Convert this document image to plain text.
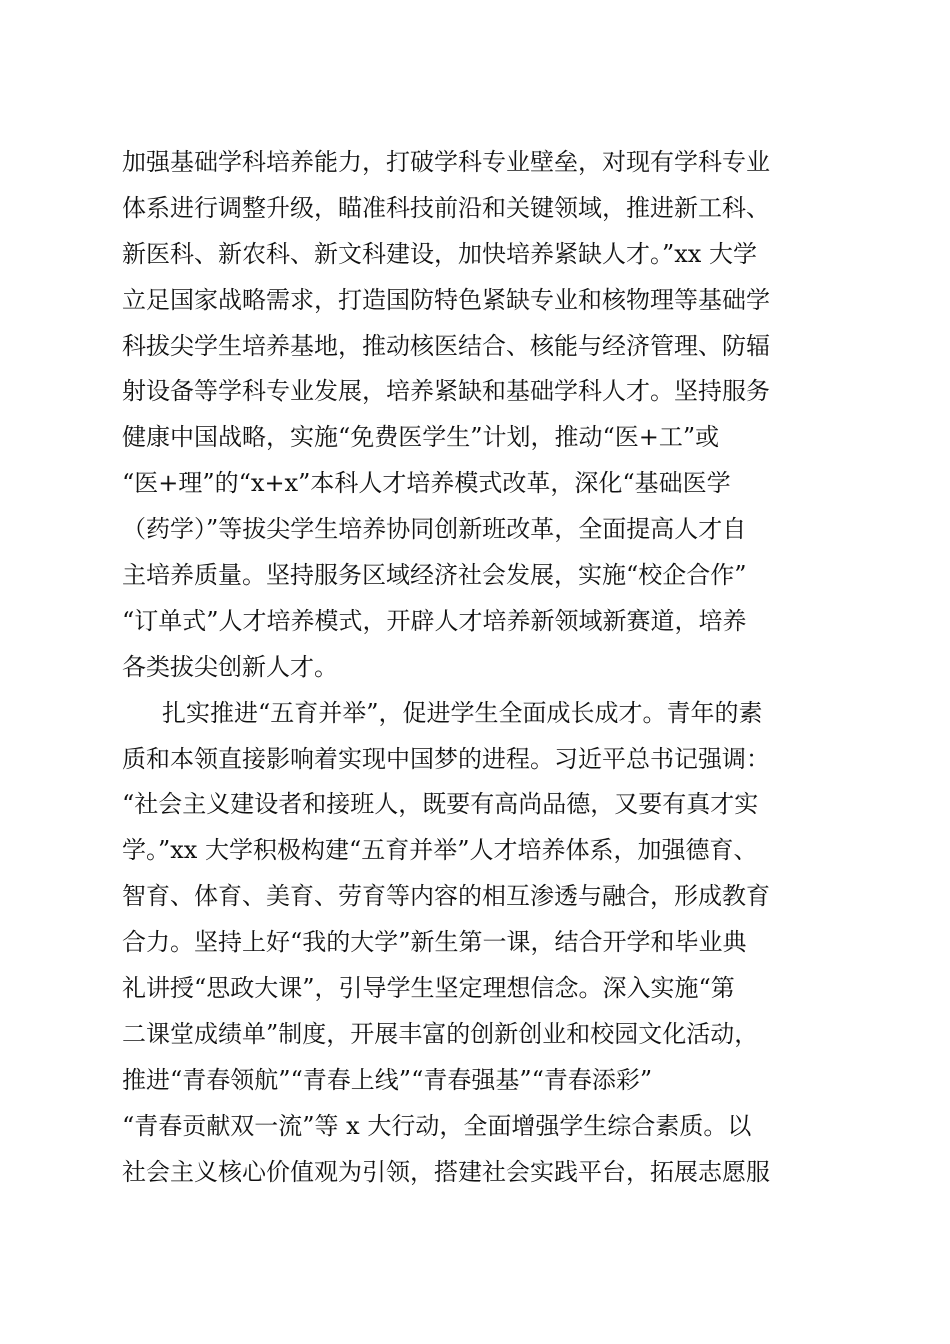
加强基础学科培养能力，打破学科专业壁垒，对现有学科专业
体系进行调整升级，瞄准科技前沿和关键领域，推进新工科、
新医科、新农科、新文科建设，加快培养紧缺人才。”xx 大学
立足国家战略需求，打造国防特色紧缺专业和核物理等基础学
科拔尖学生培养基地，推动核医结合、核能与经济管理、防辐
射设备等学科专业发展，培养紧缺和基础学科人才。坚持服务
健康中国战略，实施“免费医学生”计划，推动“医+工”或
“医+理”的“x+x”本科人才培养模式改革，深化“基础医学
（药学）”等拔尖学生培养协同创新班改革，全面提高人才自
主培养质量。坚持服务区域经济社会发展，实施“校企合作”
“订单式”人才培养模式，开辟人才培养新领域新赛道，培养
各类拔尖创新人才。
扎实推进“五育并举”，促进学生全面成长成才。青年的素
质和本领直接影响着实现中国梦的进程。习近平总书记强调：
“社会主义建设者和接班人，既要有高尚品德，又要有真才实
学。”xx 大学积极构建“五育并举”人才培养体系，加强德育、
智育、体育、美育、劳育等内容的相互渗透与融合，形成教育
合力。坚持上好“我的大学”新生第一课，结合开学和毕业典
礼讲授“思政大课”，引导学生坚定理想信念。深入实施“第
二课堂成绩单”制度，开展丰富的创新创业和校园文化活动，
推进“青春领航”“青春上线”“青春强基”“青春添彩”
“青春贡献双一流”等 x 大行动，全面增强学生综合素质。以
社会主义核心价值观为引领，搭建社会实践平台，拓展志愿服
